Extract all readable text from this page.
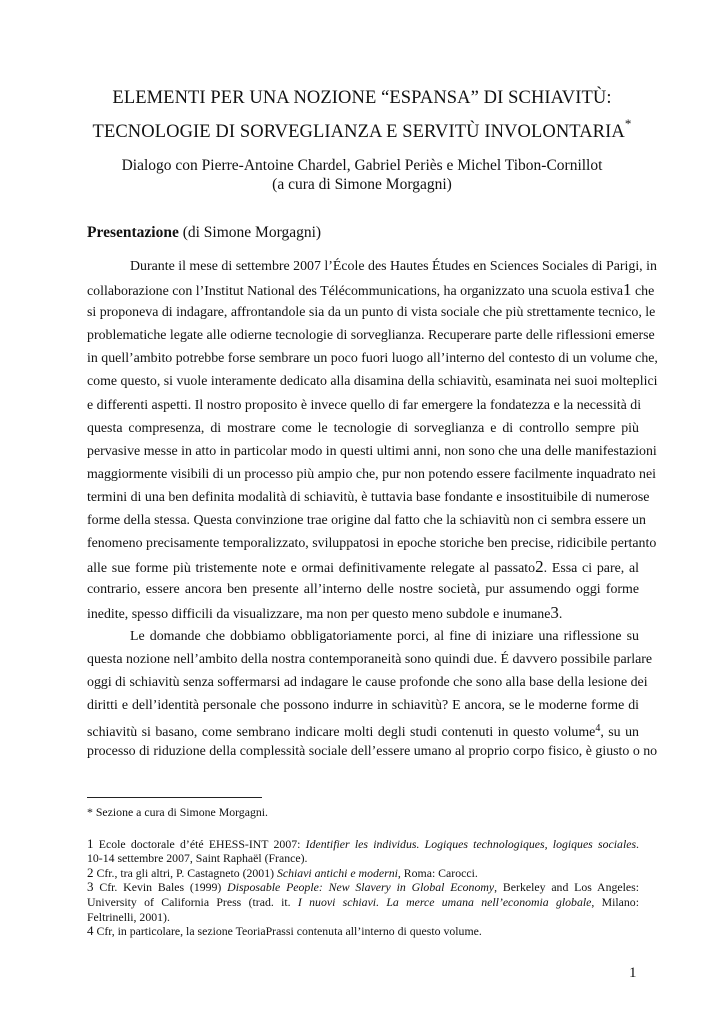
ELEMENTI PER UNA NOZIONE “ESPANSA” DI SCHIAVITÙ:
TECNOLOGIE DI SORVEGLIANZA E SERVITÙ INVOLONTARIA*
Dialogo con Pierre-Antoine Chardel, Gabriel Periès e Michel Tibon-Cornillot
(a cura di Simone Morgagni)
Presentazione (di Simone Morgagni)
Durante il mese di settembre 2007 l’École des Hautes Études en Sciences Sociales di Parigi, in
collaborazione con l’Institut National des Télécommunications, ha organizzato una scuola estiva1 che
si proponeva di indagare, affrontandole sia da un punto di vista sociale che più strettamente tecnico, le
problematiche legate alle odierne tecnologie di sorveglianza. Recuperare parte delle riflessioni emerse
in quell’ambito potrebbe forse sembrare un poco fuori luogo all’interno del contesto di un volume che,
come questo, si vuole interamente dedicato alla disamina della schiavitù, esaminata nei suoi molteplici
e differenti aspetti. Il nostro proposito è invece quello di far emergere la fondatezza e la necessità di
questa compresenza, di mostrare come le tecnologie di sorveglianza e di controllo sempre più
pervasive messe in atto in particolar modo in questi ultimi anni, non sono che una delle manifestazioni
maggiormente visibili di un processo più ampio che, pur non potendo essere facilmente inquadrato nei
termini di una ben definita modalità di schiavitù, è tuttavia base fondante e insostituibile di numerose
forme della stessa. Questa convinzione trae origine dal fatto che la schiavitù non ci sembra essere un
fenomeno precisamente temporalizzato, sviluppatosi in epoche storiche ben precise, ridicibile pertanto
alle sue forme più tristemente note e ormai definitivamente relegate al passato2. Essa ci pare, al
contrario, essere ancora ben presente all’interno delle nostre società, pur assumendo oggi forme
inedite, spesso difficili da visualizzare, ma non per questo meno subdole e inumane3.
Le domande che dobbiamo obbligatoriamente porci, al fine di iniziare una riflessione su
questa nozione nell’ambito della nostra contemporaneità sono quindi due. É davvero possibile parlare
oggi di schiavitù senza soffermarsi ad indagare le cause profonde che sono alla base della lesione dei
diritti e dell’identità personale che possono indurre in schiavitù? E ancora, se le moderne forme di
schiavitù si basano, come sembrano indicare molti degli studi contenuti in questo volume$^4$, su un
processo di riduzione della complessità sociale dell’essere umano al proprio corpo fisico, è giusto o no
* Sezione a cura di Simone Morgagni.
1 Ecole doctorale d’été EHESS-INT 2007: Identifier les individus. Logiques technologiques, logiques sociales.
10-14 settembre 2007, Saint Raphaël (France).
2 Cfr., tra gli altri, P. Castagneto (2001) Schiavi antichi e moderni, Roma: Carocci.
3 Cfr. Kevin Bales (1999) Disposable People: New Slavery in Global Economy, Berkeley and Los Angeles:
University of California Press (trad. it. I nuovi schiavi. La merce umana nell’economia globale, Milano:
Feltrinelli, 2001).
4 Cfr, in particolare, la sezione TeoriaPrassi contenuta all’interno di questo volume.
1
